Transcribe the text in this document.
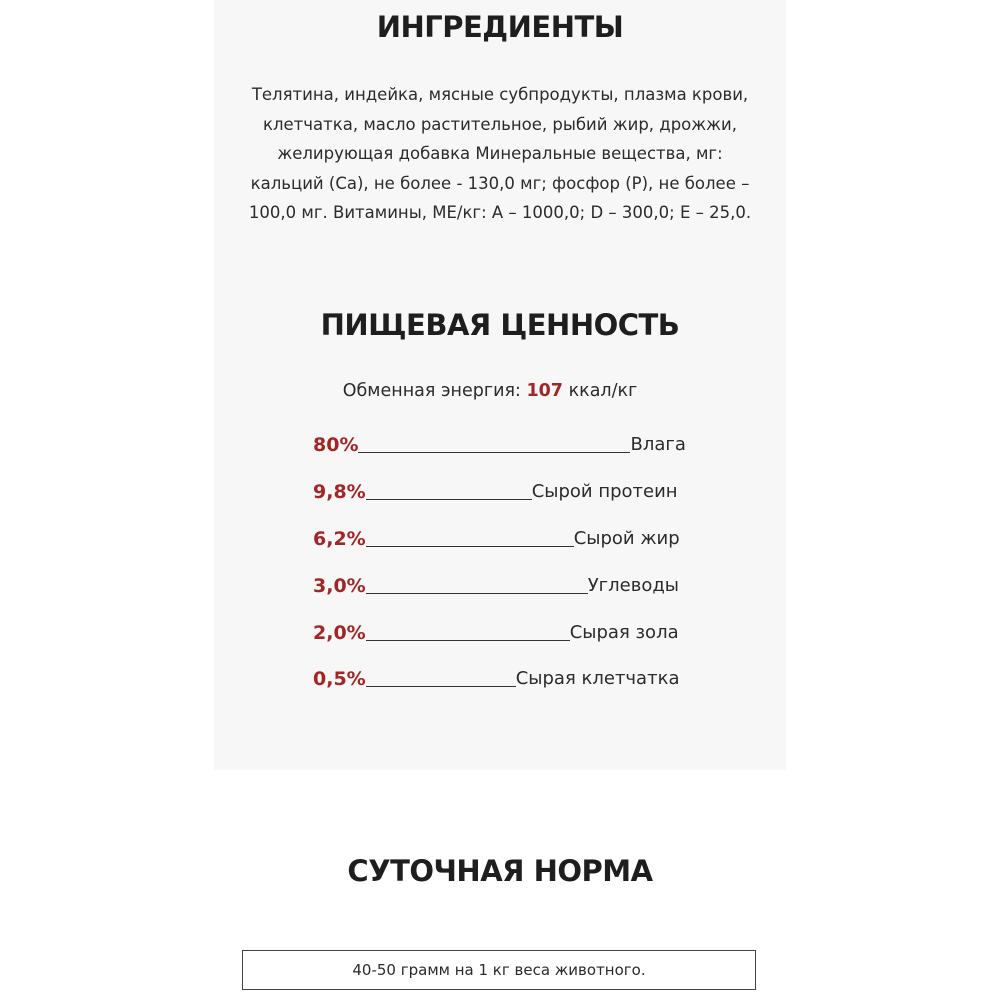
ИНГРЕДИЕНТЫ

Телятина, индейка, мясные субпродукты, плазма крови,
клетчатка, масло растительное, рыбий жир, дрожжи,
желирующая добавка Минеральные вещества, мг:
кальций (Са), не более - 130,0 мг; фосфор (Р), не более –
100,0 мг. Витамины, МЕ/кг: А – 1000,0; D – 300,0; E – 25,0.

ПИЩЕВАЯ ЦЕННОСТЬ
Обменная энергия: 107 ккал/кг
80%	Влага
9,8%	Сырой протеин
6,2%	Сырой жир
3,0%	Углеводы
2,0%	Сырая зола
0,5%	Сырая клетчатка
СУТОЧНАЯ НОРМА
40-50 грамм на 1 кг веса животного.
